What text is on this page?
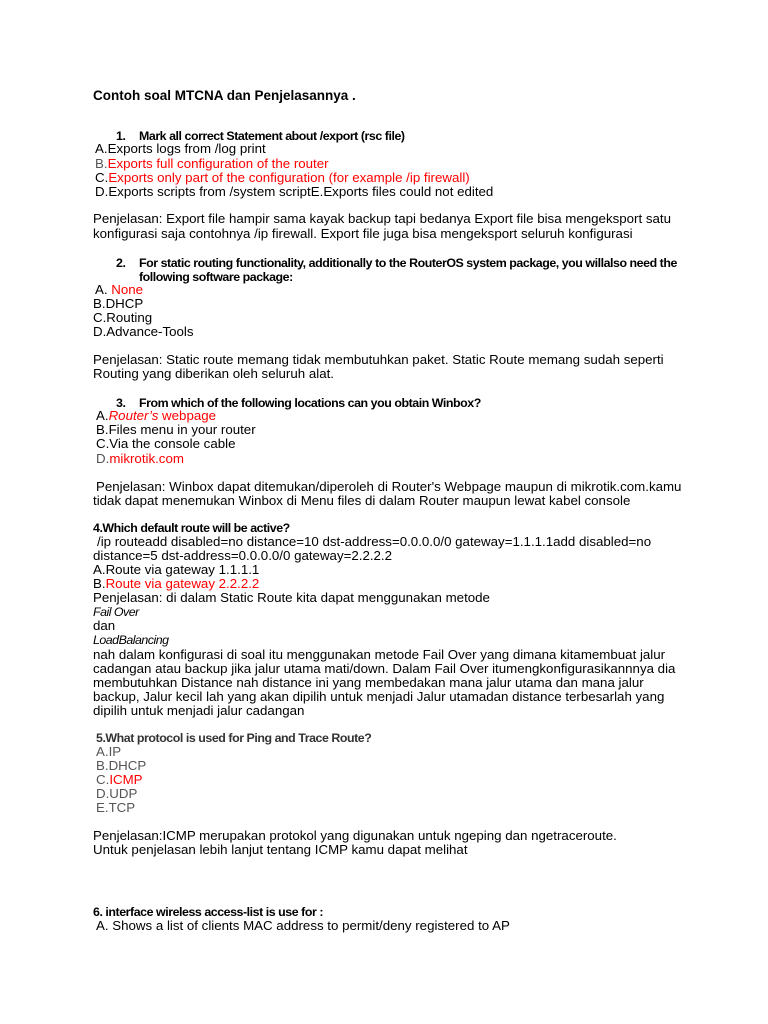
Contoh soal MTCNA dan Penjelasannya .
1. Mark all correct Statement about /export (rsc file)
A.Exports logs from /log print
B.Exports full configuration of the router
C.Exports only part of the configuration (for example /ip firewall)
D.Exports scripts from /system scriptE.Exports files could not edited
Penjelasan: Export file hampir sama kayak backup tapi bedanya Export file bisa mengeksport satu
konfigurasi saja contohnya /ip firewall. Export file juga bisa mengeksport seluruh konfigurasi
2. For static routing functionality, additionally to the RouterOS system package, you willalso need the
following software package:
A. None
B.DHCP
C.Routing
D.Advance-Tools
Penjelasan: Static route memang tidak membutuhkan paket. Static Route memang sudah seperti
Routing yang diberikan oleh seluruh alat.
3. From which of the following locations can you obtain Winbox?
A.Router’s webpage
B.Files menu in your router
C.Via the console cable
D.mikrotik.com
Penjelasan: Winbox dapat ditemukan/diperoleh di Router's Webpage maupun di mikrotik.com.kamu
tidak dapat menemukan Winbox di Menu files di dalam Router maupun lewat kabel console
4.Which default route will be active?
/ip routeadd disabled=no distance=10 dst-address=0.0.0.0/0 gateway=1.1.1.1add disabled=no
distance=5 dst-address=0.0.0.0/0 gateway=2.2.2.2
A.Route via gateway 1.1.1.1
B.Route via gateway 2.2.2.2
Penjelasan: di dalam Static Route kita dapat menggunakan metode
Fail Over
dan
LoadBalancing
nah dalam konfigurasi di soal itu menggunakan metode Fail Over yang dimana kitamembuat jalur
cadangan atau backup jika jalur utama mati/down. Dalam Fail Over itumengkonfigurasikannnya dia
membutuhkan Distance nah distance ini yang membedakan mana jalur utama dan mana jalur
backup, Jalur kecil lah yang akan dipilih untuk menjadi Jalur utamadan distance terbesarlah yang
dipilih untuk menjadi jalur cadangan
5.What protocol is used for Ping and Trace Route?
A.IP
B.DHCP
C.ICMP
D.UDP
E.TCP
Penjelasan:ICMP merupakan protokol yang digunakan untuk ngeping dan ngetraceroute.
Untuk penjelasan lebih lanjut tentang ICMP kamu dapat melihat
6. interface wireless access-list is use for :
A. Shows a list of clients MAC address to permit/deny registered to AP
